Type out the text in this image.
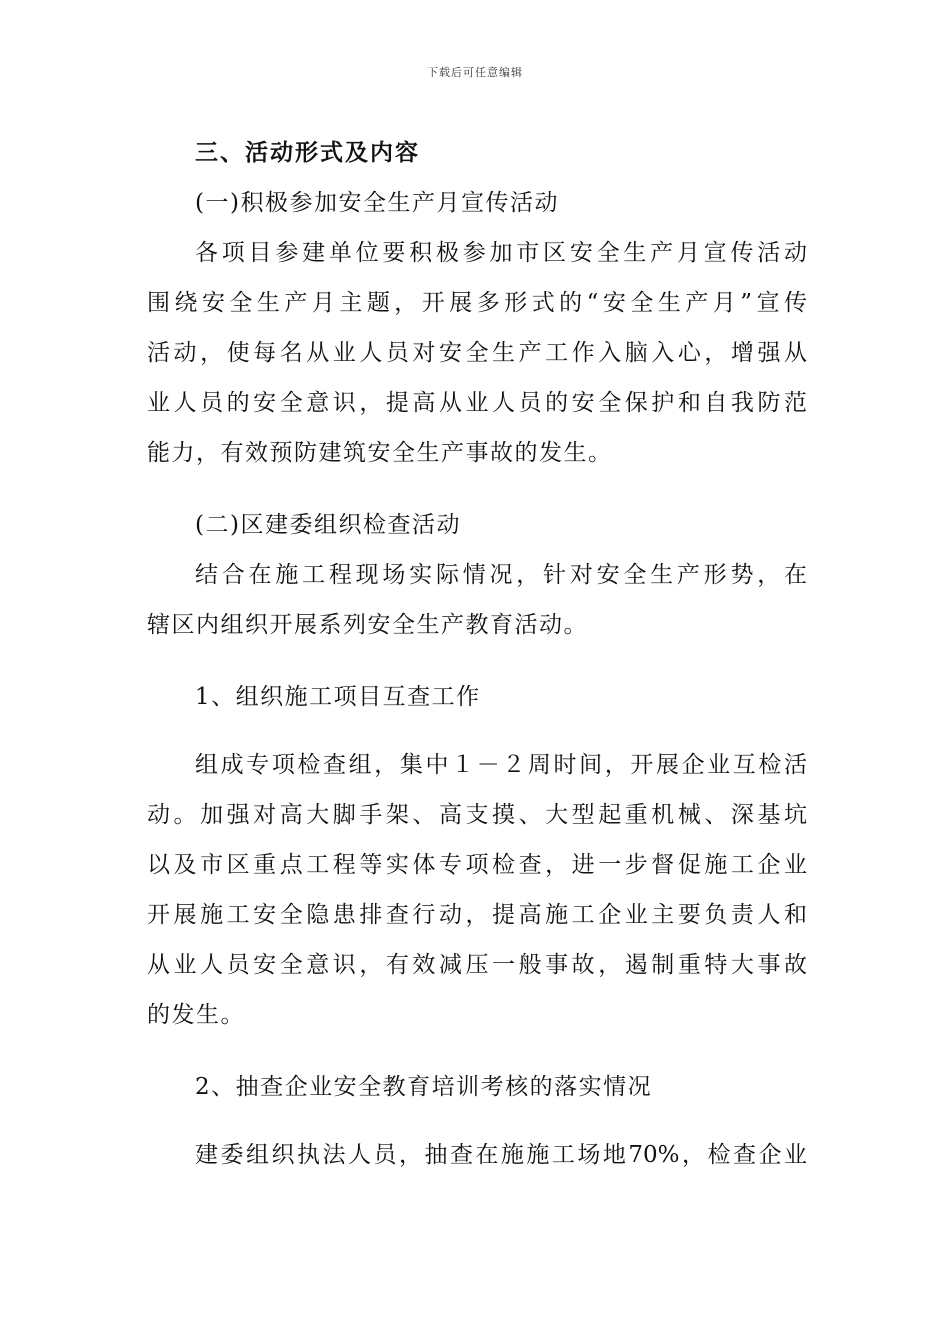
下载后可任意编辑
三、活动形式及内容
(一)积极参加安全生产月宣传活动
各项目参建单位要积极参加市区安全生产月宣传活动
围绕安全生产月主题，开展多形式的“安全生产月”宣传
活动，使每名从业人员对安全生产工作入脑入心，增强从
业人员的安全意识，提高从业人员的安全保护和自我防范
能力，有效预防建筑安全生产事故的发生。
(二)区建委组织检查活动
结合在施工程现场实际情况，针对安全生产形势，在
辖区内组织开展系列安全生产教育活动。
1、组织施工项目互查工作
组成专项检查组，集中１－２周时间，开展企业互检活
动。加强对高大脚手架、高支摸、大型起重机械、深基坑
以及市区重点工程等实体专项检查，进一步督促施工企业
开展施工安全隐患排查行动，提高施工企业主要负责人和
从业人员安全意识，有效减压一般事故，遏制重特大事故
的发生。
2、抽查企业安全教育培训考核的落实情况
建委组织执法人员，抽查在施施工场地70%，检查企业
